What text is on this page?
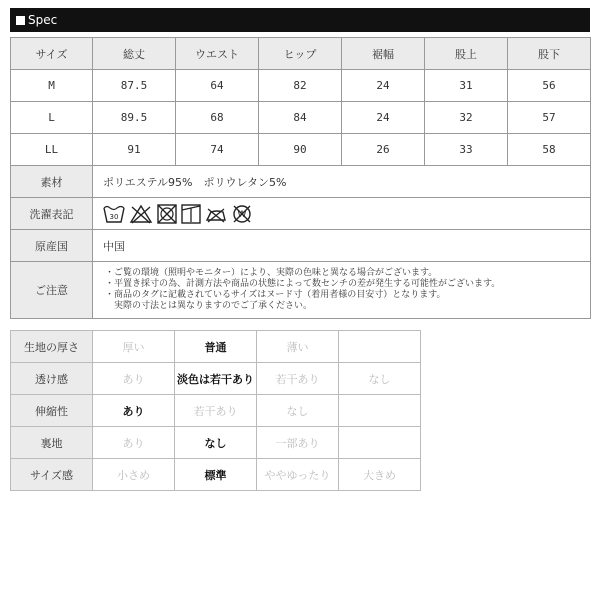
Spec
サイズ	総丈	ウエスト	ヒップ	裾幅	股上	股下
M	87.5	64	82	24	31	56
L	89.5	68	84	24	32	57
LL	91	74	90	26	33	58
素材	ポリエステル95%　ポリウレタン5%					
洗濯表記	30 W					

原産国	中国					
ご注意	・ご覧の環境（照明やモニター）により、実際の色味と異なる場合がございます。
・平置き採寸の為、計測方法や商品の状態によって数センチの差が発生する可能性がございます。
・商品のタグに記載されているサイズはヌード寸（着用者様の目安寸）となります。
　実際の寸法とは異なりますのでご了承ください。					
生地の厚さ	厚い	普通	薄い	
透け感	あり	淡色は若干あり	若干あり	なし
伸縮性	あり	若干あり	なし	
裏地	あり	なし	一部あり	
サイズ感	小さめ	標準	ややゆったり	大きめ
